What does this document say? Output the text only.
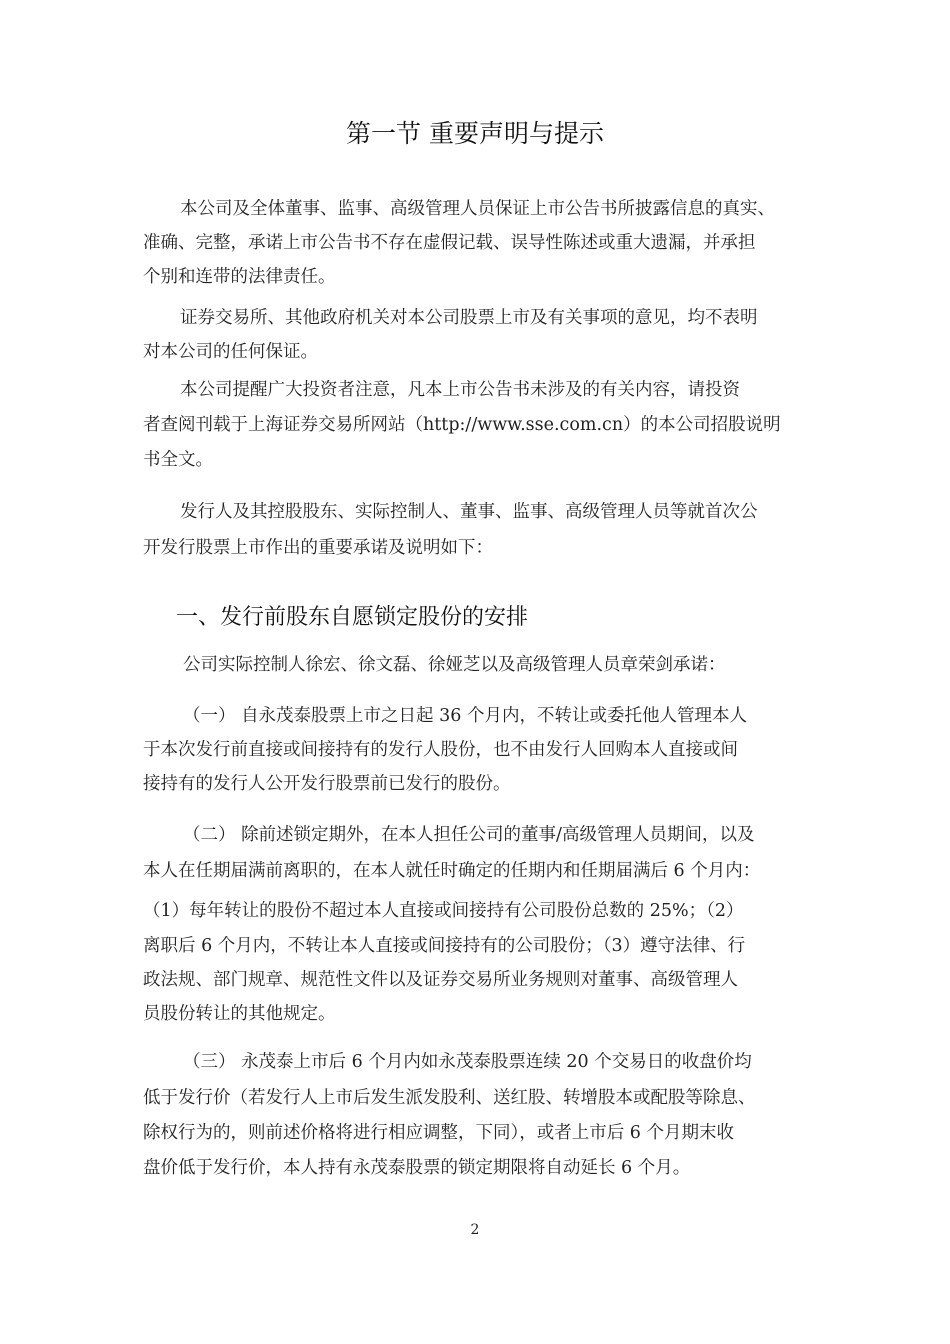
第一节 重要声明与提示
本公司及全体董事、监事、高级管理人员保证上市公告书所披露信息的真实、
准确、完整，承诺上市公告书不存在虚假记载、误导性陈述或重大遗漏，并承担
个别和连带的法律责任。
证券交易所、其他政府机关对本公司股票上市及有关事项的意见，均不表明
对本公司的任何保证。
本公司提醒广大投资者注意，凡本上市公告书未涉及的有关内容，请投资
者查阅刊载于上海证券交易所网站（http://www.sse.com.cn）的本公司招股说明
书全文。
发行人及其控股股东、实际控制人、董事、监事、高级管理人员等就首次公
开发行股票上市作出的重要承诺及说明如下：
一、发行前股东自愿锁定股份的安排
公司实际控制人徐宏、徐文磊、徐娅芝以及高级管理人员章荣剑承诺：
（一） 自永茂泰股票上市之日起 36 个月内，不转让或委托他人管理本人
于本次发行前直接或间接持有的发行人股份，也不由发行人回购本人直接或间
接持有的发行人公开发行股票前已发行的股份。
（二） 除前述锁定期外，在本人担任公司的董事/高级管理人员期间，以及
本人在任期届满前离职的，在本人就任时确定的任期内和任期届满后 6 个月内：
（1）每年转让的股份不超过本人直接或间接持有公司股份总数的 25%；（2）
离职后 6 个月内，不转让本人直接或间接持有的公司股份；（3）遵守法律、行
政法规、部门规章、规范性文件以及证券交易所业务规则对董事、高级管理人
员股份转让的其他规定。
（三） 永茂泰上市后 6 个月内如永茂泰股票连续 20 个交易日的收盘价均
低于发行价（若发行人上市后发生派发股利、送红股、转增股本或配股等除息、
除权行为的，则前述价格将进行相应调整，下同），或者上市后 6 个月期末收
盘价低于发行价，本人持有永茂泰股票的锁定期限将自动延长 6 个月。
2
